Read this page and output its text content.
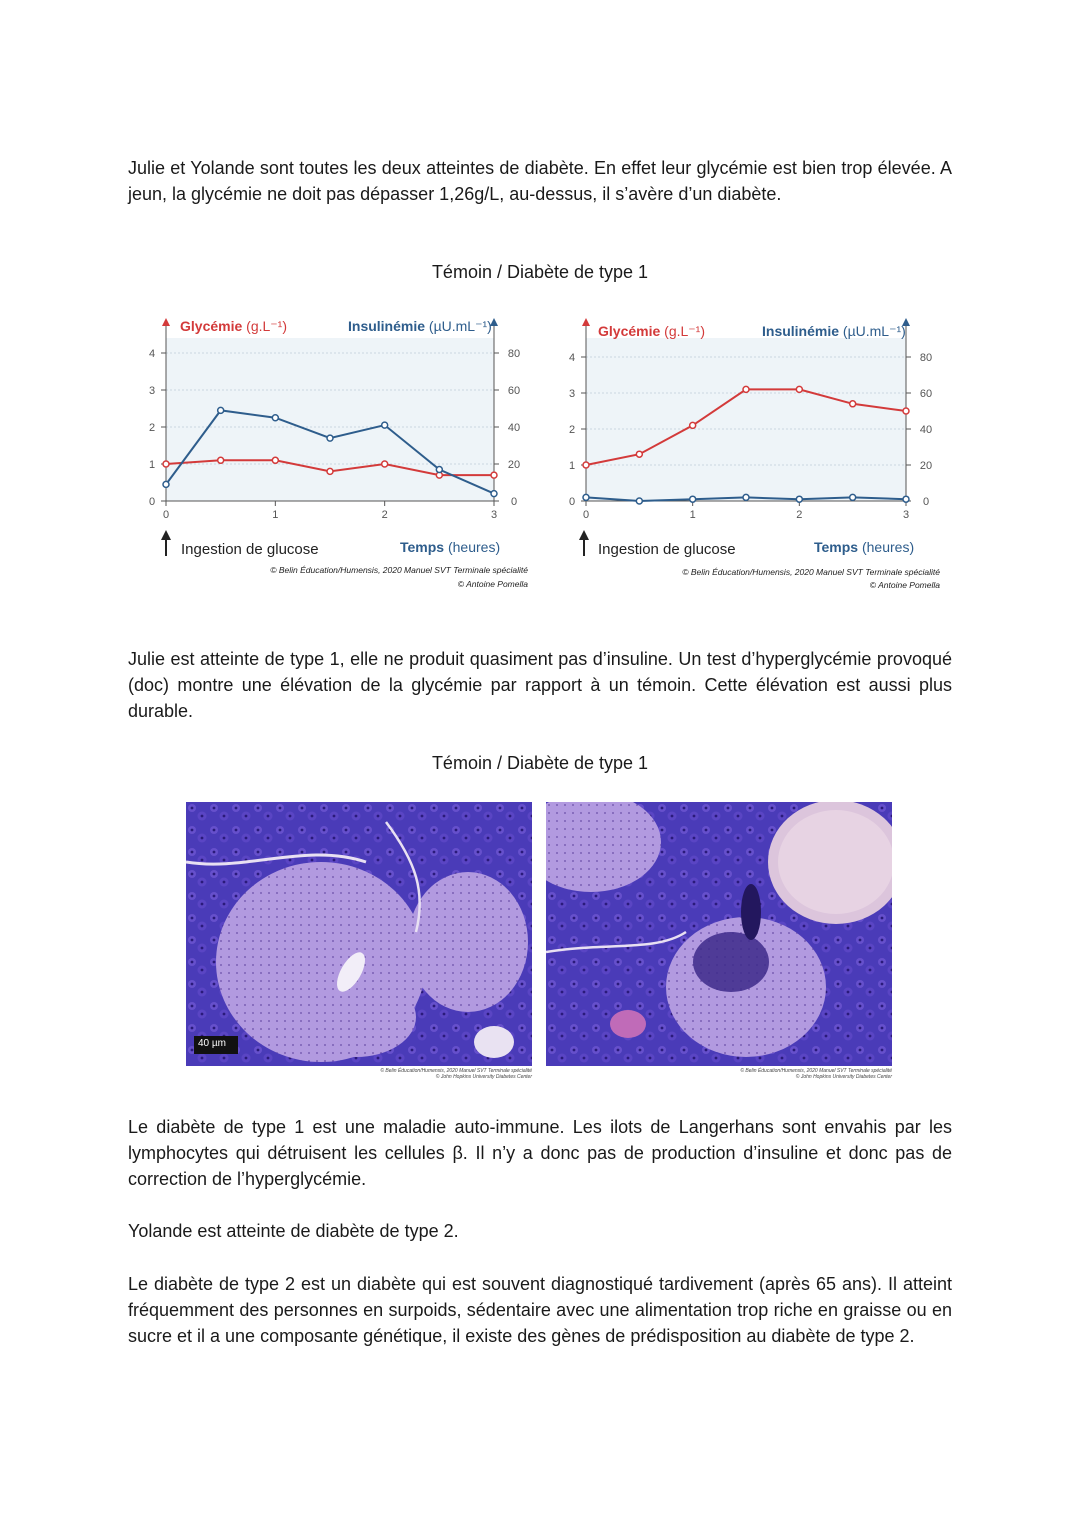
Julie et Yolande sont toutes les deux atteintes de diabète. En effet leur glycémie est bien trop élevée. A jeun, la glycémie ne doit pas dépasser 1,26g/L, au-dessus, il s’avère d’un diabète.

Témoin / Diabète de type 1
0	1	2	3
0
1
2
3
4
0
20
40
60
80
Glycémie (g.L⁻¹)	Insulinémie (µU.mL⁻¹)
Ingestion de glucose	Temps (heures)
© Belin Éducation/Humensis, 2020 Manuel SVT Terminale spécialité
© Antoine Pomella
0	1	2	3
0
1
2
3
4
0
20
40
60
80
Glycémie (g.L⁻¹)	Insulinémie (µU.mL⁻¹)
Ingestion de glucose	Temps (heures)
© Belin Éducation/Humensis, 2020 Manuel SVT Terminale spécialité
© Antoine Pomella

Julie est atteinte de type 1, elle ne produit quasiment pas d’insuline. Un test d’hyperglycémie provoqué (doc) montre une élévation de la glycémie par rapport à un témoin. Cette élévation est aussi plus durable.

Témoin / Diabète de type 1
40 µm
© Belin Éducation/Humensis, 2020 Manuel SVT Terminale spécialité
© John Hopkins University Diabetes Center
© Belin Éducation/Humensis, 2020 Manuel SVT Terminale spécialité
© John Hopkins University Diabetes Center

Le diabète de type 1 est une maladie auto-immune. Les ilots de Langerhans sont envahis par les lymphocytes qui détruisent les cellules β. Il n’y a donc pas de production d’insuline et donc pas de correction de l’hyperglycémie.

Yolande est atteinte de diabète de type 2.

Le diabète de type 2 est un diabète qui est souvent diagnostiqué tardivement (après 65 ans). Il atteint fréquemment des personnes en surpoids, sédentaire avec une alimentation trop riche en graisse ou en sucre et il a une composante génétique, il existe des gènes de prédisposition au diabète de type 2.
